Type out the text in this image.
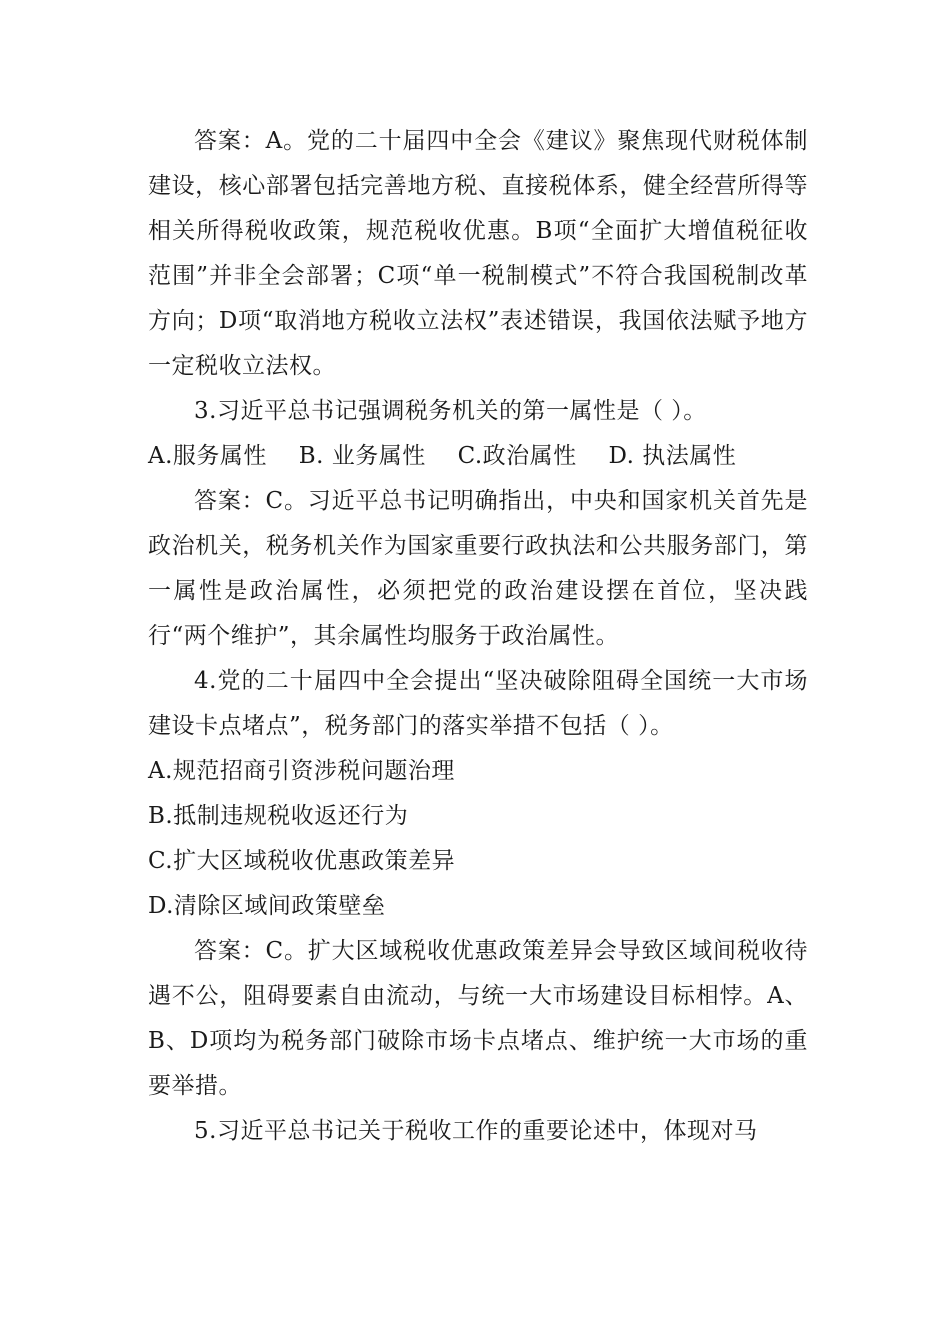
答案：A。党的二十届四中全会《建议》聚焦现代财税体制建设，核心部署包括完善地方税、直接税体系，健全经营所得等相关所得税收政策，规范税收优惠。B项“全面扩大增值税征收范围”并非全会部署；C项“单一税制模式”不符合我国税制改革方向；D项“取消地方税收立法权”表述错误，我国依法赋予地方一定税收立法权。

3.习近平总书记强调税务机关的第一属性是（ ）。

A.服务属性 B. 业务属性 C.政治属性 D. 执法属性

答案：C。习近平总书记明确指出，中央和国家机关首先是政治机关，税务机关作为国家重要行政执法和公共服务部门，第一属性是政治属性，必须把党的政治建设摆在首位，坚决践行“两个维护”，其余属性均服务于政治属性。

4.党的二十届四中全会提出“坚决破除阻碍全国统一大市场建设卡点堵点”，税务部门的落实举措不包括（ ）。

A.规范招商引资涉税问题治理

B.抵制违规税收返还行为

C.扩大区域税收优惠政策差异

D.清除区域间政策壁垒

答案：C。扩大区域税收优惠政策差异会导致区域间税收待遇不公，阻碍要素自由流动，与统一大市场建设目标相悖。A、B、D项均为税务部门破除市场卡点堵点、维护统一大市场的重要举措。

5.习近平总书记关于税收工作的重要论述中，体现对马
